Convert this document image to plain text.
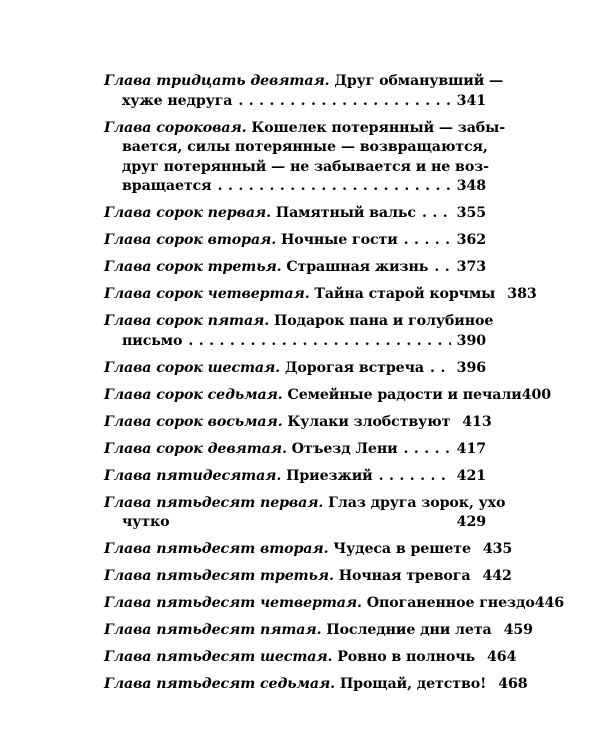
Глава тридцать девятая.
Друг обманувший —
хуже недруга . . .	341
Глава сороковая.
Кошелек потерянный — забы-
вается, силы потерянные — возвращаются,
друг потерянный — не забывается и не воз-
вращается . . .	348
Глава сорок первая.
Памятный вальс . . .	355
Глава сорок вторая.
Ночные гости . . .	362
Глава сорок третья.
Страшная жизнь . . . 373
Глава сорок четвертая.
Тайна старой корчмы 383
Глава сорок пятая.
Подарок пана и голубиное
письмо . . .	390
Глава сорок шестая.
Дорогая встреча . . . 396
Глава сорок седьмая.
Семейные радости и печали 400
Глава сорок восьмая.
Кулаки злобствуют 413
Глава сорок девятая.
Отъезд Лени . . .	417
Глава пятидесятая.
Приезжий . . .	421
Глава пятьдесят первая.
Глаз друга зорок, ухо
чутко	429
Глава пятьдесят вторая.
Чудеса в решете 435
Глава пятьдесят третья.
Ночная тревога 442
Глава пятьдесят четвертая.
Опоганенное гнездо 446
Глава пятьдесят пятая.
Последние дни лета 459
Глава пятьдесят шестая.
Ровно в полночь 464
Глава пятьдесят седьмая.
Прощай, детство! 468
